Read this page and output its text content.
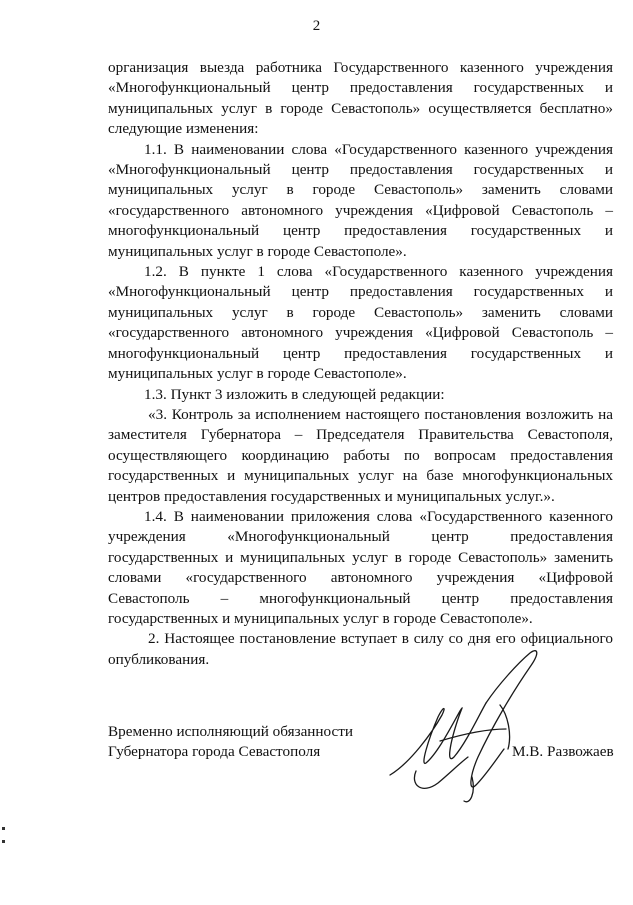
2

организация выезда работника Государственного казенного учреждения «Многофункциональный центр предоставления государственных и муниципальных услуг в городе Севастополь» осуществляется бесплатно» следующие изменения:

1.1. В наименовании слова «Государственного казенного учреждения «Многофункциональный центр предоставления государственных и муниципальных услуг в городе Севастополь» заменить словами «государственного автономного учреждения «Цифровой Севастополь – многофункциональный центр предоставления государственных и муниципальных услуг в городе Севастополе».

1.2. В пункте 1 слова «Государственного казенного учреждения «Многофункциональный центр предоставления государственных и муниципальных услуг в городе Севастополь» заменить словами «государственного автономного учреждения «Цифровой Севастополь – многофункциональный центр предоставления государственных и муниципальных услуг в городе Севастополе».

1.3. Пункт 3 изложить в следующей редакции:

«3. Контроль за исполнением настоящего постановления возложить на заместителя Губернатора – Председателя Правительства Севастополя, осуществляющего координацию работы по вопросам предоставления государственных и муниципальных услуг на базе многофункциональных центров предоставления государственных и муниципальных услуг.».

1.4. В наименовании приложения слова «Государственного казенного учреждения «Многофункциональный центр предоставления государственных и муниципальных услуг в городе Севастополь» заменить словами «государственного автономного учреждения «Цифровой Севастополь – многофункциональный центр предоставления государственных и муниципальных услуг в городе Севастополе».

2. Настоящее постановление вступает в силу со дня его официального опубликования.

Временно исполняющий обязанности
Губернатора города Севастополя	М.В. Развожаев
